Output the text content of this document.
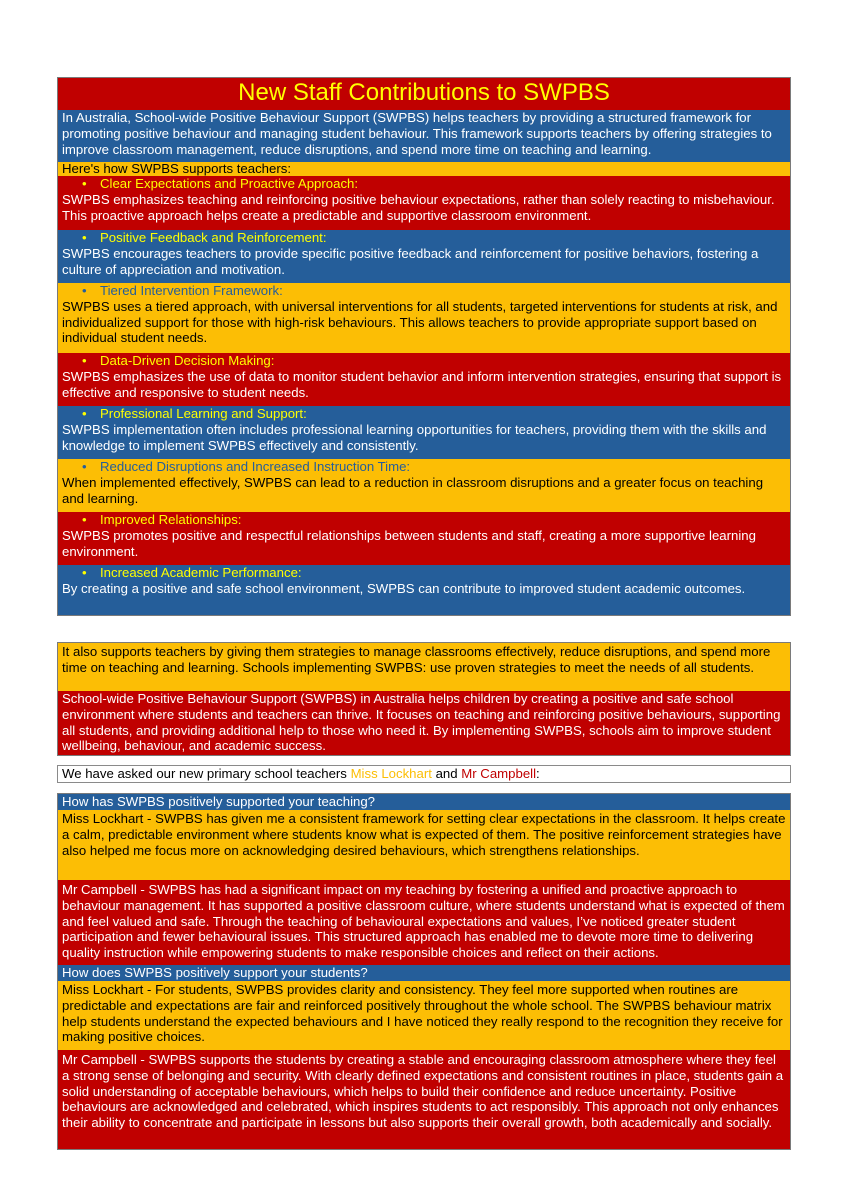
New Staff Contributions to SWPBS
In Australia, School-wide Positive Behaviour Support (SWPBS) helps teachers by providing a structured framework for promoting positive behaviour and managing student behaviour. This framework supports teachers by offering strategies to improve classroom management, reduce disruptions, and spend more time on teaching and learning.
Here's how SWPBS supports teachers:
• Clear Expectations and Proactive Approach:
SWPBS emphasizes teaching and reinforcing positive behaviour expectations, rather than solely reacting to misbehaviour. This proactive approach helps create a predictable and supportive classroom environment.
• Positive Feedback and Reinforcement:
SWPBS encourages teachers to provide specific positive feedback and reinforcement for positive behaviors, fostering a culture of appreciation and motivation.
• Tiered Intervention Framework:
SWPBS uses a tiered approach, with universal interventions for all students, targeted interventions for students at risk, and individualized support for those with high-risk behaviours. This allows teachers to provide appropriate support based on individual student needs.
• Data-Driven Decision Making:
SWPBS emphasizes the use of data to monitor student behavior and inform intervention strategies, ensuring that support is effective and responsive to student needs.
• Professional Learning and Support:
SWPBS implementation often includes professional learning opportunities for teachers, providing them with the skills and knowledge to implement SWPBS effectively and consistently.
• Reduced Disruptions and Increased Instruction Time:
When implemented effectively, SWPBS can lead to a reduction in classroom disruptions and a greater focus on teaching and learning.
• Improved Relationships:
SWPBS promotes positive and respectful relationships between students and staff, creating a more supportive learning environment.
• Increased Academic Performance:
By creating a positive and safe school environment, SWPBS can contribute to improved student academic outcomes.
It also supports teachers by giving them strategies to manage classrooms effectively, reduce disruptions, and spend more time on teaching and learning. Schools implementing SWPBS: use proven strategies to meet the needs of all students.
School-wide Positive Behaviour Support (SWPBS) in Australia helps children by creating a positive and safe school environment where students and teachers can thrive. It focuses on teaching and reinforcing positive behaviours, supporting all students, and providing additional help to those who need it. By implementing SWPBS, schools aim to improve student wellbeing, behaviour, and academic success.
We have asked our new primary school teachers Miss Lockhart and Mr Campbell:
How has SWPBS positively supported your teaching?
Miss Lockhart - SWPBS has given me a consistent framework for setting clear expectations in the classroom. It helps create a calm, predictable environment where students know what is expected of them. The positive reinforcement strategies have also helped me focus more on acknowledging desired behaviours, which strengthens relationships.
Mr Campbell - SWPBS has had a significant impact on my teaching by fostering a unified and proactive approach to behaviour management. It has supported a positive classroom culture, where students understand what is expected of them and feel valued and safe. Through the teaching of behavioural expectations and values, I’ve noticed greater student participation and fewer behavioural issues. This structured approach has enabled me to devote more time to delivering quality instruction while empowering students to make responsible choices and reflect on their actions.
How does SWPBS positively support your students?
Miss Lockhart - For students, SWPBS provides clarity and consistency. They feel more supported when routines are predictable and expectations are fair and reinforced positively throughout the whole school. The SWPBS behaviour matrix help students understand the expected behaviours and I have noticed they really respond to the recognition they receive for making positive choices.
Mr Campbell - SWPBS supports the students by creating a stable and encouraging classroom atmosphere where they feel a strong sense of belonging and security. With clearly defined expectations and consistent routines in place, students gain a solid understanding of acceptable behaviours, which helps to build their confidence and reduce uncertainty. Positive behaviours are acknowledged and celebrated, which inspires students to act responsibly. This approach not only enhances their ability to concentrate and participate in lessons but also supports their overall growth, both academically and socially.
